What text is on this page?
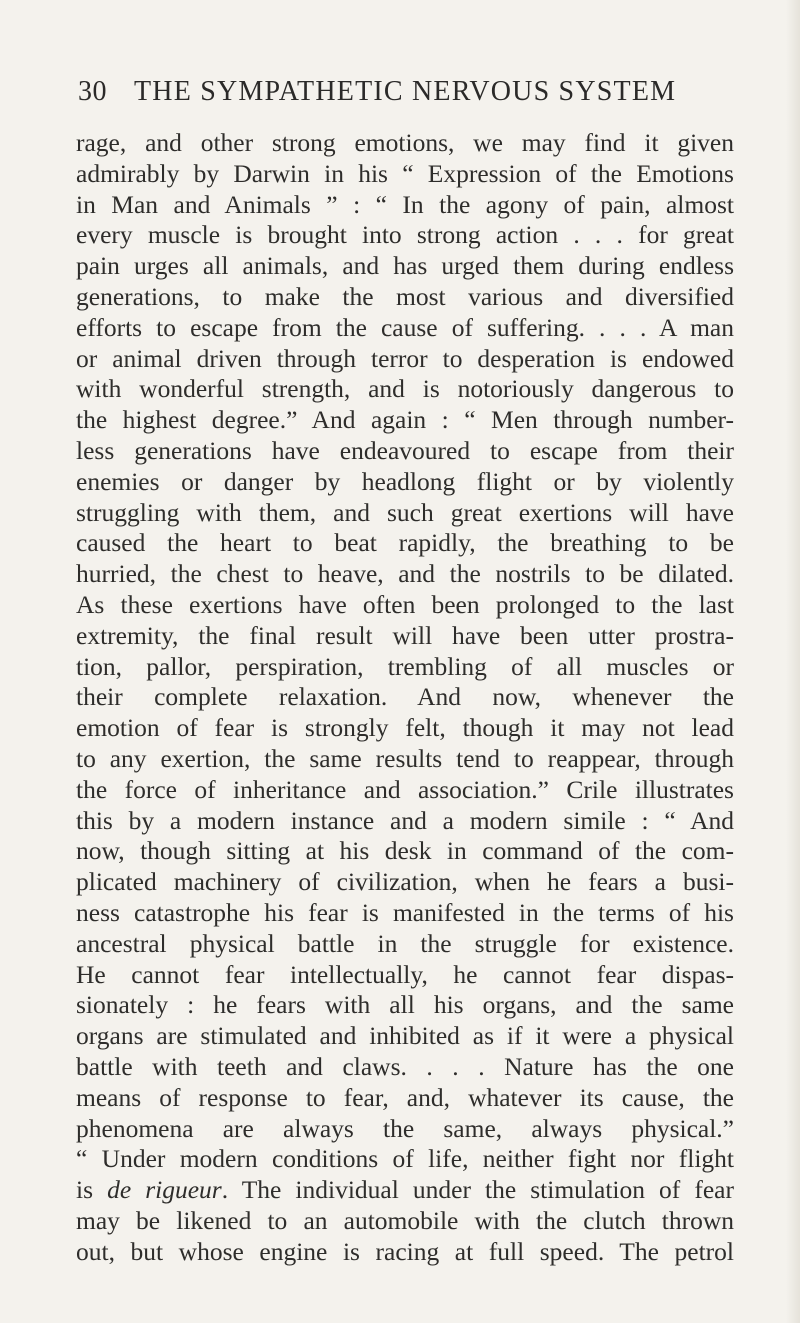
30 THE SYMPATHETIC NERVOUS SYSTEM
rage, and other strong emotions, we may find it given
admirably by Darwin in his “ Expression of the Emotions
in Man and Animals ” : “ In the agony of pain, almost
every muscle is brought into strong action . . . for great
pain urges all animals, and has urged them during endless
generations, to make the most various and diversified
efforts to escape from the cause of suffering. . . . A man
or animal driven through terror to desperation is endowed
with wonderful strength, and is notoriously dangerous to
the highest degree.” And again : “ Men through number-
less generations have endeavoured to escape from their
enemies or danger by headlong flight or by violently
struggling with them, and such great exertions will have
caused the heart to beat rapidly, the breathing to be
hurried, the chest to heave, and the nostrils to be dilated.
As these exertions have often been prolonged to the last
extremity, the final result will have been utter prostra-
tion, pallor, perspiration, trembling of all muscles or
their complete relaxation. And now, whenever the
emotion of fear is strongly felt, though it may not lead
to any exertion, the same results tend to reappear, through
the force of inheritance and association.” Crile illustrates
this by a modern instance and a modern simile : “ And
now, though sitting at his desk in command of the com-
plicated machinery of civilization, when he fears a busi-
ness catastrophe his fear is manifested in the terms of his
ancestral physical battle in the struggle for existence.
He cannot fear intellectually, he cannot fear dispas-
sionately : he fears with all his organs, and the same
organs are stimulated and inhibited as if it were a physical
battle with teeth and claws. . . . Nature has the one
means of response to fear, and, whatever its cause, the
phenomena are always the same, always physical.”
“ Under modern conditions of life, neither fight nor flight
is de rigueur. The individual under the stimulation of fear
may be likened to an automobile with the clutch thrown
out, but whose engine is racing at full speed. The petrol
